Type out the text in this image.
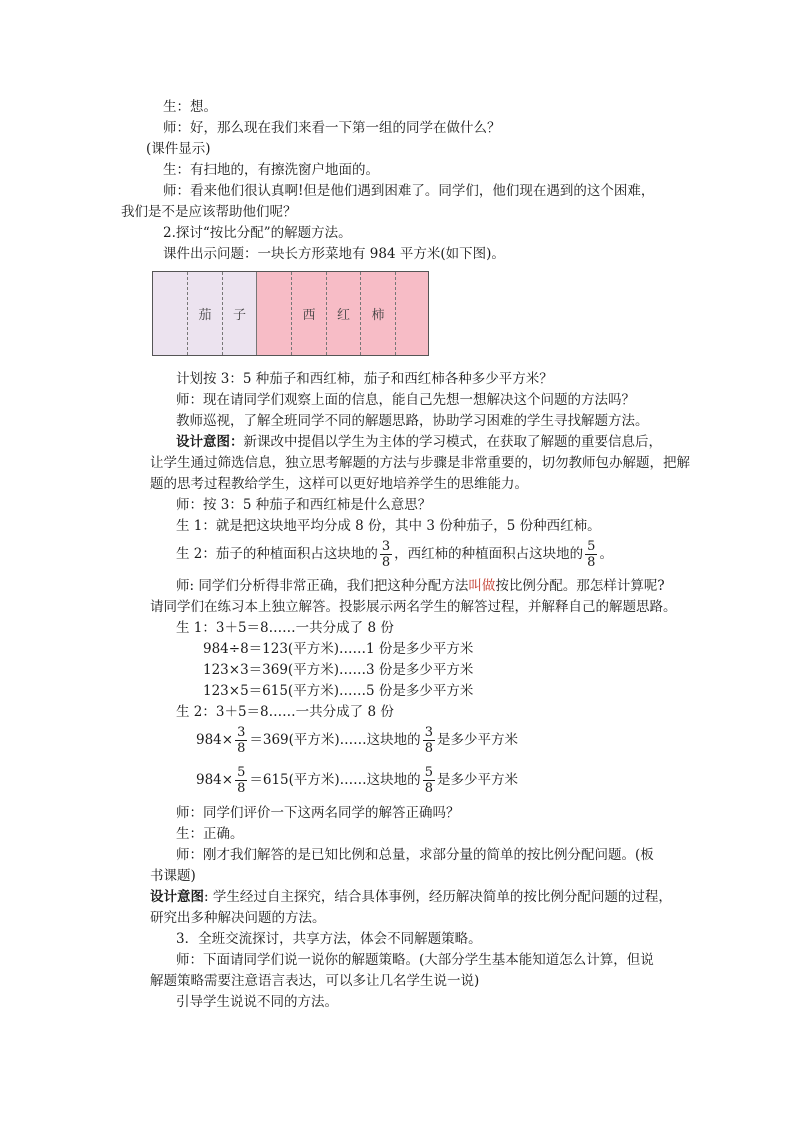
生：想。
师：好，那么现在我们来看一下第一组的同学在做什么？
(课件显示)
生：有扫地的，有擦洗窗户地面的。
师：看来他们很认真啊!但是他们遇到困难了。同学们，他们现在遇到的这个困难，
我们是不是应该帮助他们呢？
2.探讨“按比分配”的解题方法。
课件出示问题：一块长方形菜地有 984 平方米(如下图)。
茄	子	西	红	柿
计划按 3：5 种茄子和西红柿，茄子和西红柿各种多少平方米？
师：现在请同学们观察上面的信息，能自己先想一想解决这个问题的方法吗？
教师巡视，了解全班同学不同的解题思路，协助学习困难的学生寻找解题方法。
设计意图：新课改中提倡以学生为主体的学习模式，在获取了解题的重要信息后，
让学生通过筛选信息，独立思考解题的方法与步骤是非常重要的，切勿教师包办解题，把解
题的思考过程教给学生，这样可以更好地培养学生的思维能力。
师：按 3：5 种茄子和西红柿是什么意思？
生 1：就是把这块地平均分成 8 份，其中 3 份种茄子，5 份种西红柿。
生 2：茄子的种植面积占这块地的 $\frac{3}{8}$ ，西红柿的种植面积占这块地的 $\frac{5}{8}$ 。
师: 同学们分析得非常正确，我们把这种分配方法叫做按比例分配。那怎样计算呢?
请同学们在练习本上独立解答。投影展示两名学生的解答过程，并解释自己的解题思路。
生 1：3＋5＝8……一共分成了 8 份
984÷8＝123(平方米)……1 份是多少平方米
123×3＝369(平方米)……3 份是多少平方米
123×5＝615(平方米)……5 份是多少平方米
生 2：3＋5＝8……一共分成了 8 份
$984\times \frac{3}{8} =369$(平方米)……这块地的 $\frac{3}{8}$ 是多少平方米
$984\times \frac{5}{8} =615$(平方米)……这块地的 $\frac{5}{8}$ 是多少平方米
师：同学们评价一下这两名同学的解答正确吗？
生：正确。
师：刚才我们解答的是已知比例和总量，求部分量的简单的按比例分配问题。(板
书课题)
设计意图: 学生经过自主探究，结合具体事例，经历解决简单的按比例分配问题的过程，
研究出多种解决问题的方法。
3．全班交流探讨，共享方法，体会不同解题策略。
师：下面请同学们说一说你的解题策略。(大部分学生基本能知道怎么计算，但说
解题策略需要注意语言表达，可以多让几名学生说一说)
引导学生说说不同的方法。
